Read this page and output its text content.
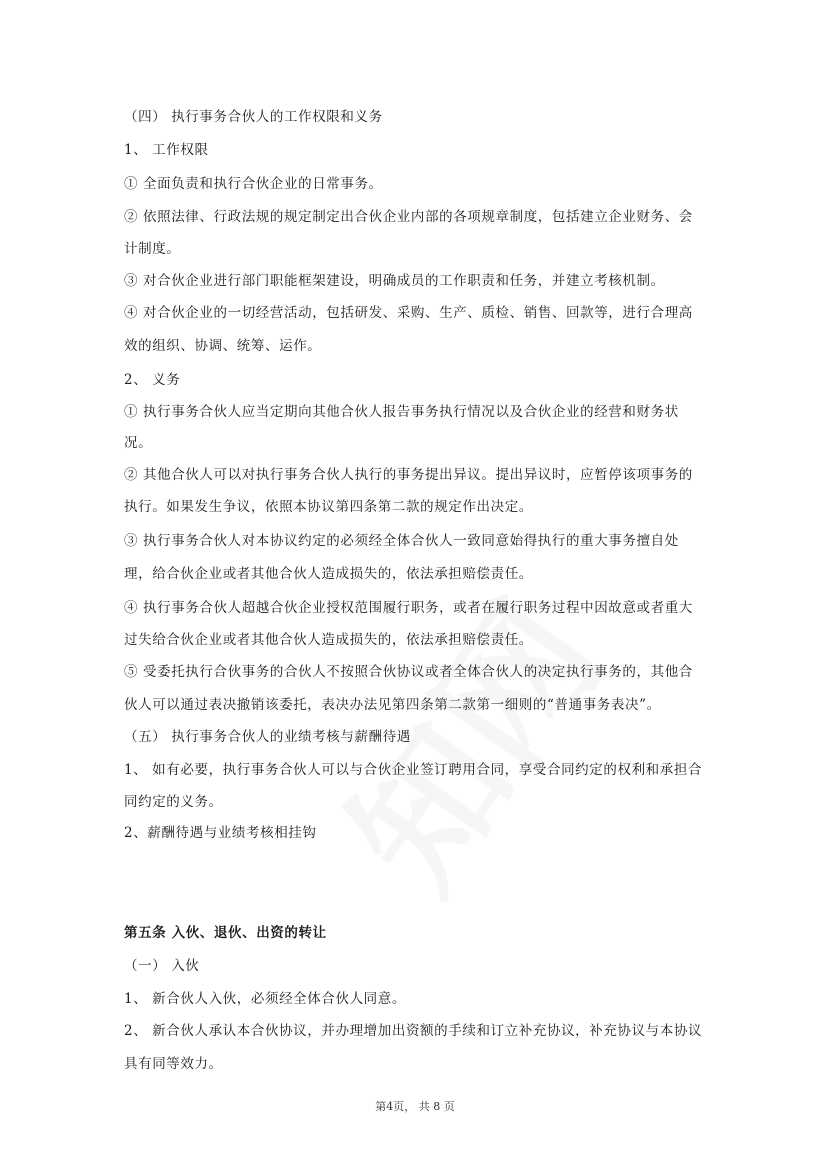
（四） 执行事务合伙人的工作权限和义务
1、 工作权限
① 全面负责和执行合伙企业的日常事务。
② 依照法律、行政法规的规定制定出合伙企业内部的各项规章制度，包括建立企业财务、会
计制度。
③ 对合伙企业进行部门职能框架建设，明确成员的工作职责和任务，并建立考核机制。
④ 对合伙企业的一切经营活动，包括研发、采购、生产、质检、销售、回款等，进行合理高
效的组织、协调、统筹、运作。
2、 义务
① 执行事务合伙人应当定期向其他合伙人报告事务执行情况以及合伙企业的经营和财务状
况。
② 其他合伙人可以对执行事务合伙人执行的事务提出异议。提出异议时，应暂停该项事务的
执行。如果发生争议，依照本协议第四条第二款的规定作出决定。
③ 执行事务合伙人对本协议约定的必须经全体合伙人一致同意始得执行的重大事务擅自处
理，给合伙企业或者其他合伙人造成损失的，依法承担赔偿责任。
④ 执行事务合伙人超越合伙企业授权范围履行职务，或者在履行职务过程中因故意或者重大
过失给合伙企业或者其他合伙人造成损失的，依法承担赔偿责任。
⑤ 受委托执行合伙事务的合伙人不按照合伙协议或者全体合伙人的决定执行事务的，其他合
伙人可以通过表决撤销该委托，表决办法见第四条第二款第一细则的“普通事务表决”。
（五） 执行事务合伙人的业绩考核与薪酬待遇
1、 如有必要，执行事务合伙人可以与合伙企业签订聘用合同，享受合同约定的权利和承担合
同约定的义务。
2、薪酬待遇与业绩考核相挂钩
第五条 入伙、退伙、出资的转让
（一） 入伙
1、 新合伙人入伙，必须经全体合伙人同意。
2、 新合伙人承认本合伙协议，并办理增加出资额的手续和订立补充协议，补充协议与本协议
具有同等效力。
第4页， 共 8 页
